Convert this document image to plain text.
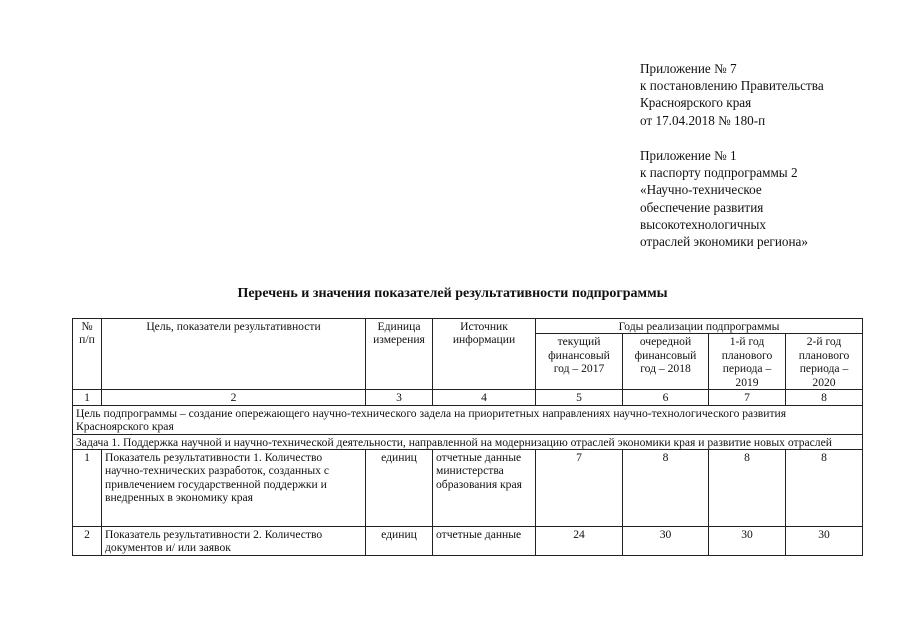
Приложение № 7
к постановлению Правительства
Красноярского края
от 17.04.2018 № 180-п
Приложение № 1
к паспорту подпрограммы 2
«Научно-техническое
обеспечение развития
высокотехнологичных
отраслей экономики региона»
Перечень и значения показателей результативности подпрограммы
№ п/п	Цель, показатели результативности	Единица измерения	Источник информации	Годы реализации подпрограммы			
				текущий финансовый год – 2017	очередной финансовый год – 2018	1-й год планового периода – 2019	2-й год планового периода – 2020
1	2	3	4	5	6	7	8
Цель подпрограммы – создание опережающего научно-технического задела на приоритетных направлениях научно-технологического развития Красноярского края							
Задача 1. Поддержка научной и научно-технической деятельности, направленной на модернизацию отраслей экономики края и развитие новых отраслей							
1	Показатель результативности 1. Количество научно-технических разработок, созданных с привлечением государственной поддержки и внедренных в экономику края	единиц	отчетные данные министерства образования края	7	8	8	8
2	Показатель результативности 2. Количество документов и/ или заявок	единиц	отчетные данные	24	30	30	30
